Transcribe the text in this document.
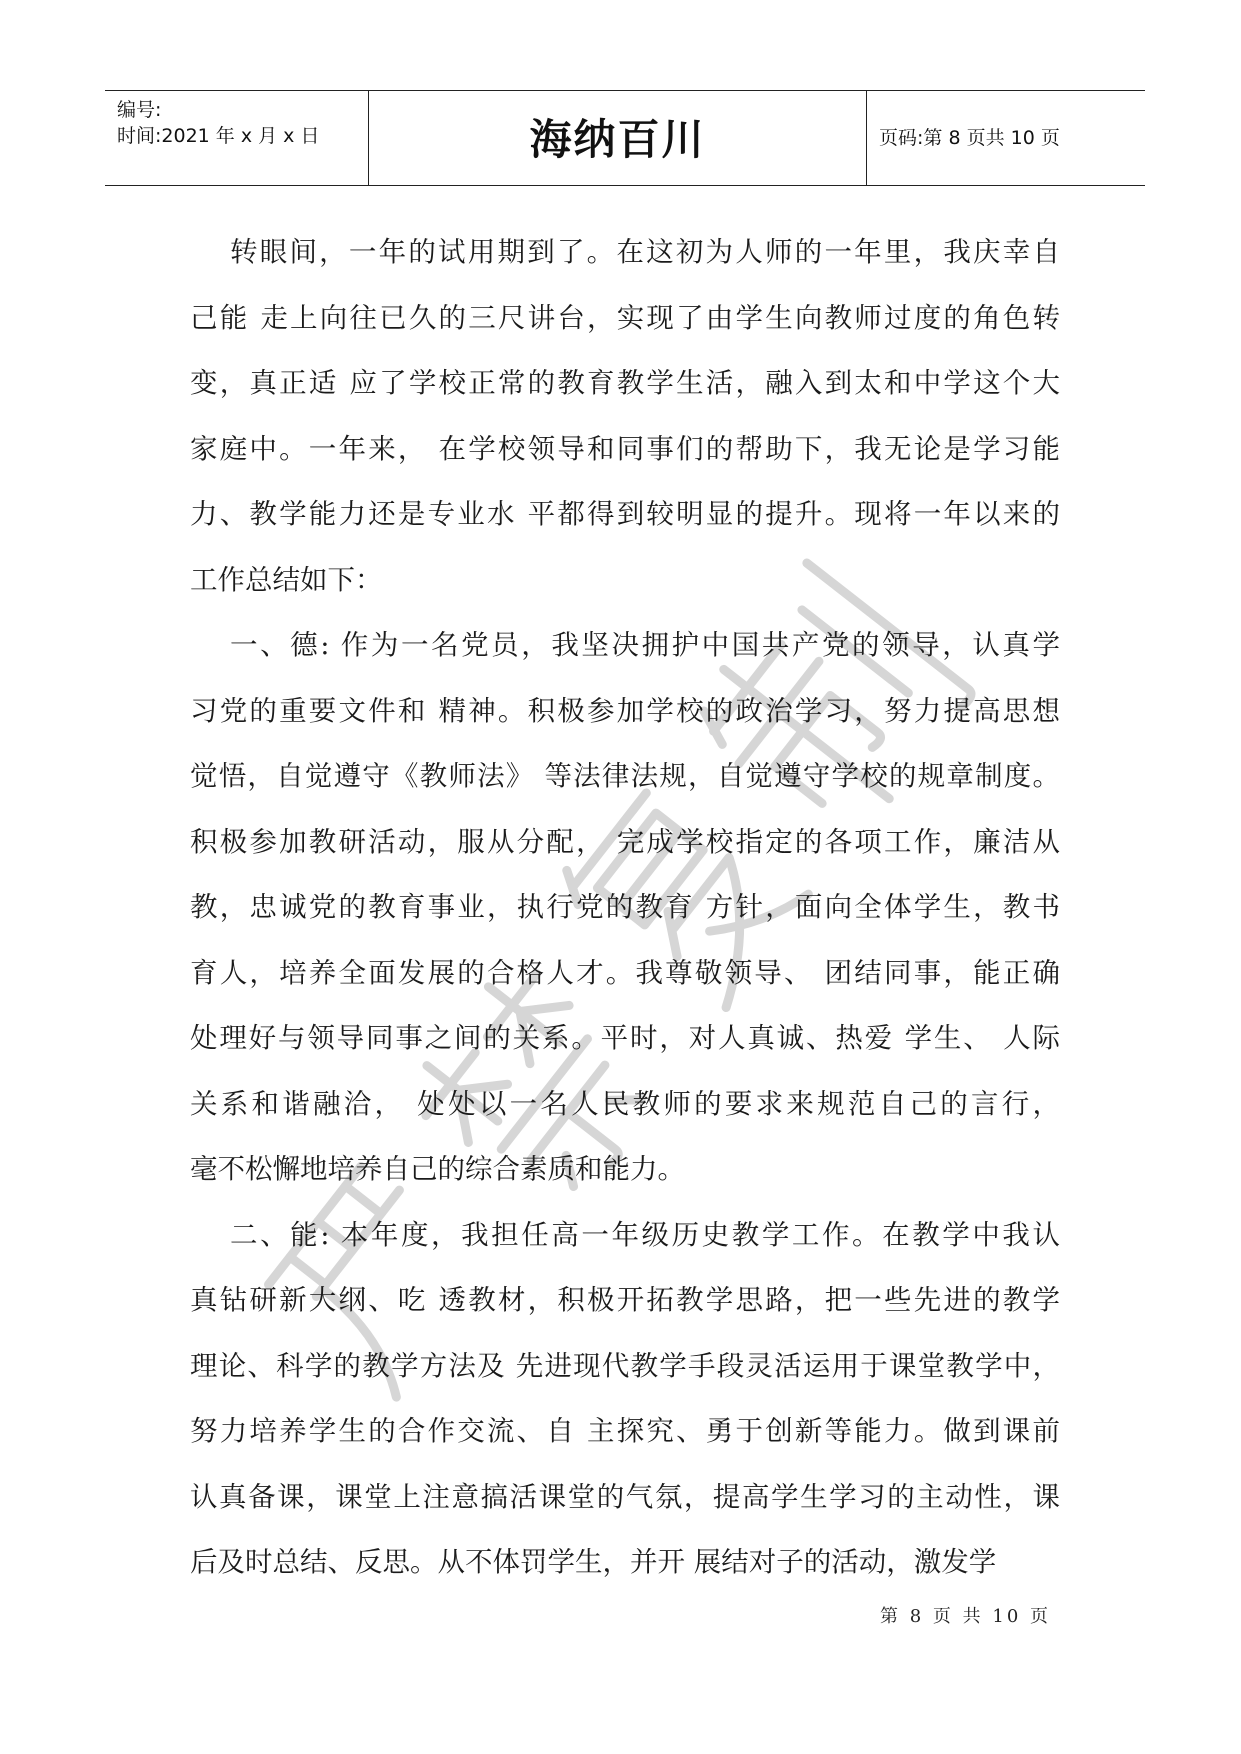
编号:
时间:2021 年 x 月 x 日	海纳百川	页码:第 8 页共 10 页
转眼间，一年的试用期到了。在这初为人师的一年里，我庆幸自
己能 走上向往已久的三尺讲台，实现了由学生向教师过度的角色转
变，真正适 应了学校正常的教育教学生活，融入到太和中学这个大
家庭中。一年来， 在学校领导和同事们的帮助下，我无论是学习能
力、教学能力还是专业水 平都得到较明显的提升。现将一年以来的
工作总结如下：
一、德: 作为一名党员，我坚决拥护中国共产党的领导，认真学
习党的重要文件和 精神。积极参加学校的政治学习，努力提高思想
觉悟，自觉遵守《教师法》 等法律法规，自觉遵守学校的规章制度。
积极参加教研活动，服从分配， 完成学校指定的各项工作，廉洁从
教，忠诚党的教育事业，执行党的教育 方针，面向全体学生，教书
育人，培养全面发展的合格人才。我尊敬领导、 团结同事，能正确
处理好与领导同事之间的关系。平时，对人真诚、热爱 学生、 人际
关系和谐融洽， 处处以一名人民教师的要求来规范自己的言行，
毫不松懈地培养自己的综合素质和能力。
二、能: 本年度，我担任高一年级历史教学工作。在教学中我认
真钻研新大纲、吃 透教材，积极开拓教学思路，把一些先进的教学
理论、科学的教学方法及 先进现代教学手段灵活运用于课堂教学中，
努力培养学生的合作交流、自 主探究、勇于创新等能力。做到课前
认真备课，课堂上注意搞活课堂的气氛，提高学生学习的主动性，课
后及时总结、反思。从不体罚学生，并开 展结对子的活动，激发学
第 8 页 共 10 页
